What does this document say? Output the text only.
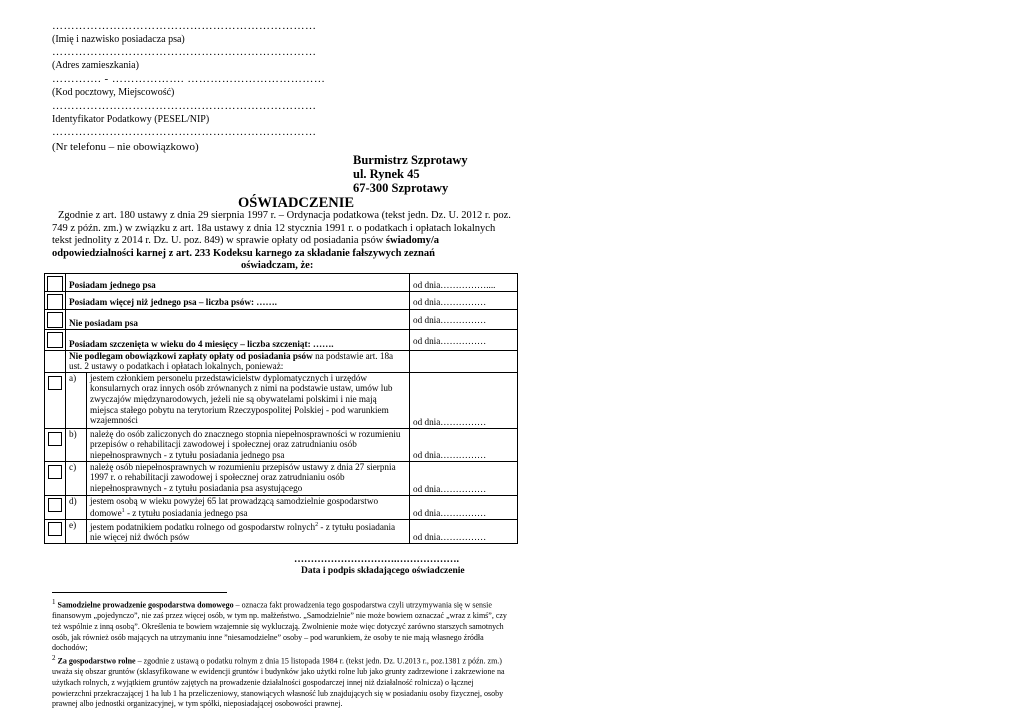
……………………………………………………………
(Imię i nazwisko posiadacza psa)
……………………………………………………………
(Adres zamieszkania)
…………. - ………………. ………………………………
(Kod pocztowy, Miejscowość)
……………………………………………………………
Identyfikator Podatkowy (PESEL/NIP)
……………………………………………………………
(Nr telefonu – nie obowiązkowo)
Burmistrz Szprotawy
ul. Rynek 45
67-300 Szprotawy
OŚWIADCZENIE
Zgodnie z art. 180 ustawy z dnia 29 sierpnia 1997 r. – Ordynacja podatkowa (tekst jedn. Dz. U. 2012 r. poz. 749 z późn. zm.) w związku z art. 18a ustawy z dnia 12 stycznia 1991 r. o podatkach i opłatach lokalnych tekst jednolity z 2014 r. Dz. U. poz. 849) w sprawie opłaty od posiadania psów świadomy/a odpowiedzialności karnej z art. 233 Kodeksu karnego za składanie fałszywych zeznań
oświadczam, że:
	Posiadam jednego psa		od dnia……………....

	Posiadam więcej niż jednego psa – liczba psów: …….		od dnia……………

	Nie posiadam psa		od dnia……………

	Posiadam szczenięta w wieku do 4 miesięcy – liczba szczeniąt: …….		od dnia……………
	Nie podlegam obowiązkowi zapłaty opłaty od posiadania psów na podstawie art. 18a ust. 2 ustawy o podatkach i opłatach lokalnych, ponieważ:		

	a)	jestem członkiem personelu przedstawicielstw dyplomatycznych i urzędów konsularnych oraz innych osób zrównanych z nimi na podstawie ustaw, umów lub zwyczajów międzynarodowych, jeżeli nie są obywatelami polskimi i nie mają miejsca stałego pobytu na terytorium Rzeczypospolitej Polskiej - pod warunkiem wzajemności	od dnia……………

	b)	należę do osób zaliczonych do znacznego stopnia niepełnosprawności w rozumieniu przepisów o rehabilitacji zawodowej i społecznej oraz zatrudnianiu osób niepełnosprawnych - z tytułu posiadania jednego psa	od dnia……………

	c)	należę osób niepełnosprawnych w rozumieniu przepisów ustawy z dnia 27 sierpnia 1997 r. o rehabilitacji zawodowej i społecznej oraz zatrudnianiu osób niepełnosprawnych - z tytułu posiadania psa asystującego	od dnia……………

	d)	jestem osobą w wieku powyżej 65 lat prowadzącą samodzielnie gospodarstwo domowe$^1$ - z tytułu posiadania jednego psa	od dnia……………

	e)	jestem podatnikiem podatku rolnego od gospodarstw rolnych$^2$ - z tytułu posiadania nie więcej niż dwóch psów	od dnia……………
………………………….……………….
Data i podpis składającego oświadczenie
$^1$ Samodzielne prowadzenie gospodarstwa domowego – oznacza fakt prowadzenia tego gospodarstwa czyli utrzymywania się w sensie finansowym „pojedynczo”, nie zaś przez więcej osób, w tym np. małżeństwo. „Samodzielnie” nie może bowiem oznaczać „wraz z kimś”, czy też wspólnie z inną osobą”. Określenia te bowiem wzajemnie się wykluczają. Zwolnienie może więc dotyczyć zarówno starszych samotnych osób, jak również osób mających na utrzymaniu inne ”niesamodzielne” osoby – pod warunkiem, że osoby te nie mają własnego źródła dochodów;
$^2$ Za gospodarstwo rolne – zgodnie z ustawą o podatku rolnym z dnia 15 listopada 1984 r. (tekst jedn. Dz. U.2013 r., poz.1381 z późn. zm.) uważa się obszar gruntów (sklasyfikowane w ewidencji gruntów i budynków jako użytki rolne lub jako grunty zadrzewione i zakrzewione na użytkach rolnych, z wyjątkiem gruntów zajętych na prowadzenie działalności gospodarczej innej niż działalność rolnicza) o łącznej powierzchni przekraczającej 1 ha lub 1 ha przeliczeniowy, stanowiących własność lub znajdujących się w posiadaniu osoby fizycznej, osoby prawnej albo jednostki organizacyjnej, w tym spółki, nieposiadającej osobowości prawnej.
